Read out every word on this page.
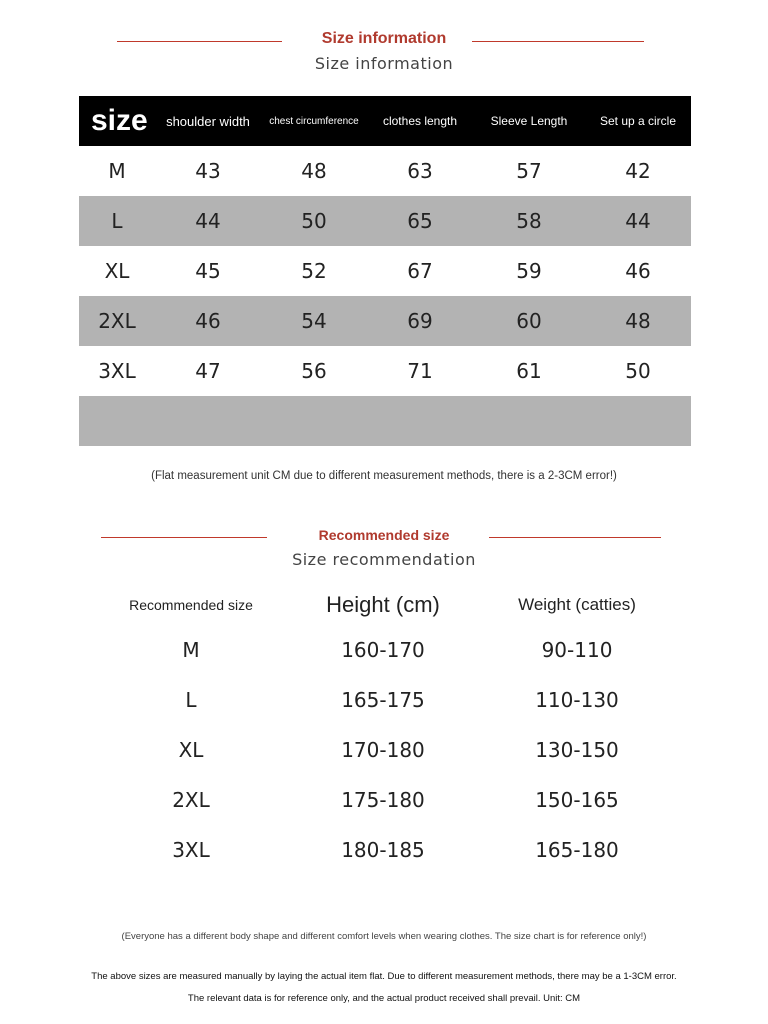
Size information
Size information
size	shoulder width	chest circumference	clothes length	Sleeve Length	Set up a circle
M	43	48	63	57	42
L	44	50	65	58	44
XL	45	52	67	59	46
2XL	46	54	69	60	48
3XL	47	56	71	61	50
(Flat measurement unit CM due to different measurement methods, there is a 2-3CM error!)
Recommended size
Size recommendation
Recommended size	Height (cm)	Weight (catties)
M	160-170	90-110
L	165-175	110-130
XL	170-180	130-150
2XL	175-180	150-165
3XL	180-185	165-180
(Everyone has a different body shape and different comfort levels when wearing clothes. The size chart is for reference only!)
The above sizes are measured manually by laying the actual item flat. Due to different measurement methods, there may be a 1-3CM error.
The relevant data is for reference only, and the actual product received shall prevail. Unit: CM
